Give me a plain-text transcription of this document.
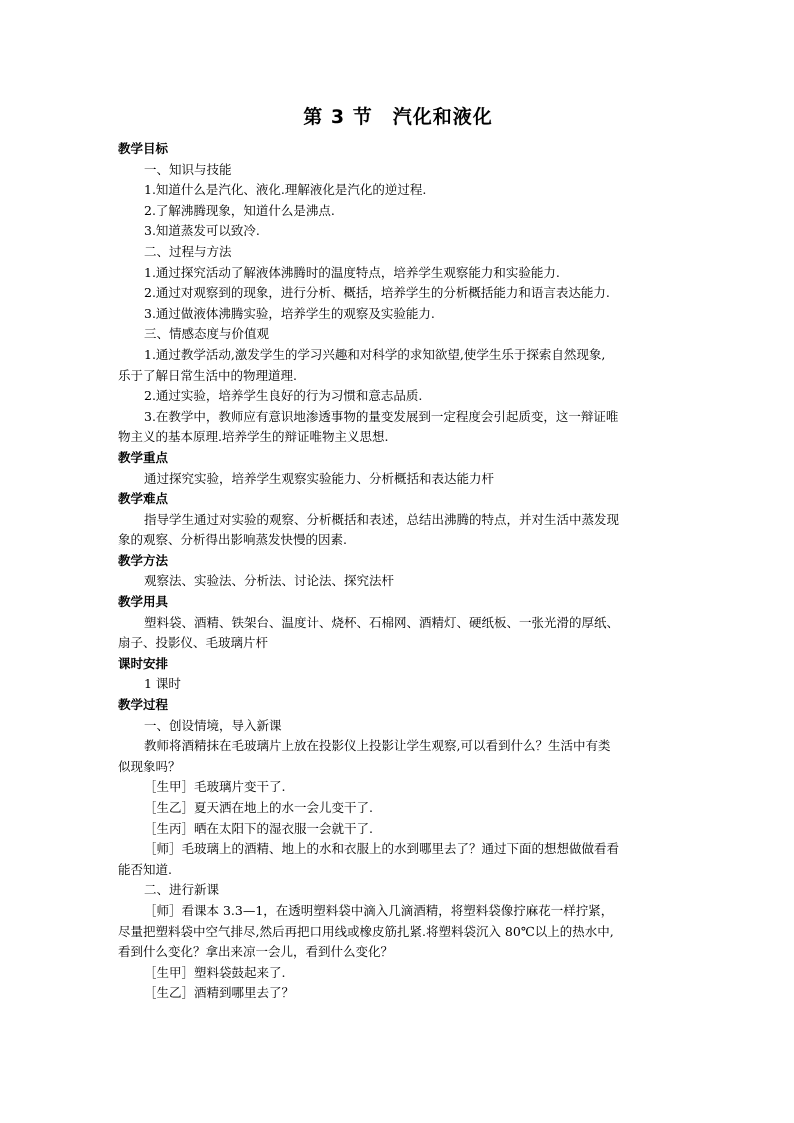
第 3 节　汽化和液化

教学目标

一、知识与技能

1.知道什么是汽化、液化.理解液化是汽化的逆过程.

2.了解沸腾现象，知道什么是沸点.

3.知道蒸发可以致冷.

二、过程与方法

1.通过探究活动了解液体沸腾时的温度特点，培养学生观察能力和实验能力.

2.通过对观察到的现象，进行分析、概括，培养学生的分析概括能力和语言表达能力.

3.通过做液体沸腾实验，培养学生的观察及实验能力.

三、情感态度与价值观

1.通过教学活动,激发学生的学习兴趣和对科学的求知欲望,使学生乐于探索自然现象,

乐于了解日常生活中的物理道理.

2.通过实验，培养学生良好的行为习惯和意志品质.

3.在教学中，教师应有意识地渗透事物的量变发展到一定程度会引起质变，这一辩证唯

物主义的基本原理.培养学生的辩证唯物主义思想.

教学重点

通过探究实验，培养学生观察实验能力、分析概括和表达能力杆

教学难点

指导学生通过对实验的观察、分析概括和表述，总结出沸腾的特点，并对生活中蒸发现

象的观察、分析得出影响蒸发快慢的因素.

教学方法

观察法、实验法、分析法、讨论法、探究法杆

教学用具

塑料袋、酒精、铁架台、温度计、烧杯、石棉网、酒精灯、硬纸板、一张光滑的厚纸、

扇子、投影仪、毛玻璃片杆

课时安排

1 课时

教学过程

一、创设情境，导入新课

教师将酒精抹在毛玻璃片上放在投影仪上投影让学生观察,可以看到什么？生活中有类

似现象吗？

［生甲］毛玻璃片变干了.

［生乙］夏天洒在地上的水一会儿变干了.

［生丙］晒在太阳下的湿衣服一会就干了.

［师］毛玻璃上的酒精、地上的水和衣服上的水到哪里去了？通过下面的想想做做看看

能否知道.

二、进行新课

［师］看课本 3.3—1，在透明塑料袋中滴入几滴酒精，将塑料袋像拧麻花一样拧紧，

尽量把塑料袋中空气排尽,然后再把口用线或橡皮筋扎紧.将塑料袋沉入 80℃以上的热水中,

看到什么变化？拿出来凉一会儿，看到什么变化？

［生甲］塑料袋鼓起来了.

［生乙］酒精到哪里去了？
